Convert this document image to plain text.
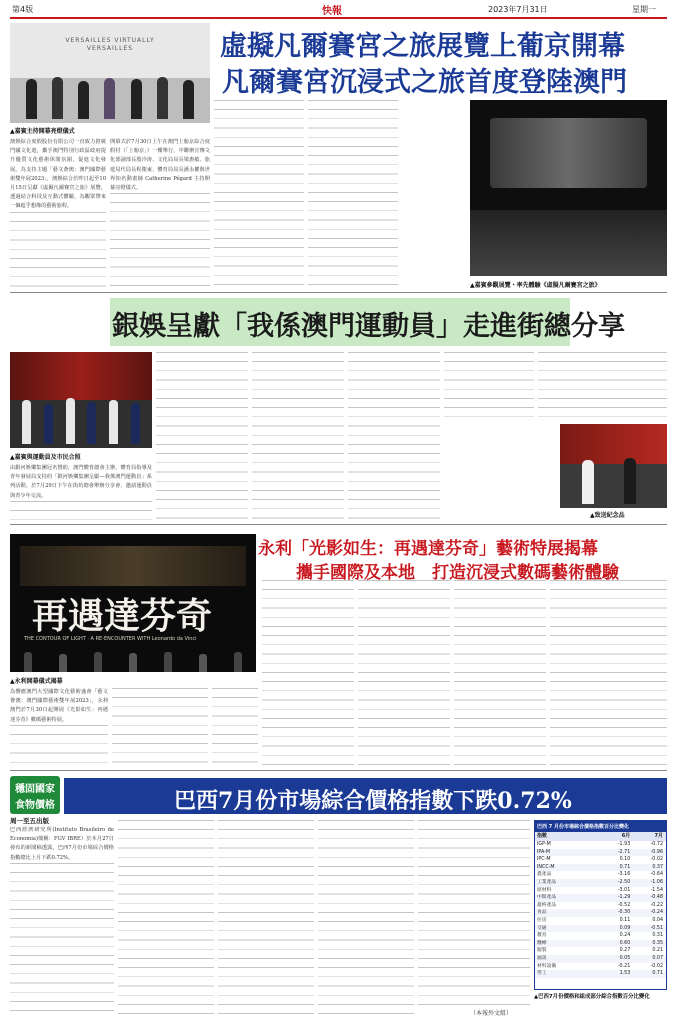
第4版	快報	2023年7月31日	星期一
VERSAILLES VIRTUALLY VERSAILLES
▲嘉賓主持開幕亮燈儀式
虛擬凡爾賽宮之旅展覽上葡京開幕
凡爾賽宮沉浸式之旅首度登陸澳門
澳娛綜合度假股份有限公司一直致力推廣門國文化遊，攜手澳門特別行政區政府提升優質文化藝術休閒氛圍，促進文化發展。為支持主題「藝文薈澳：澳門國際藝術雙年展2023」，澳娛綜合於昨日起至10月15日呈獻《虛擬凡爾賽宮之旅》展覽，透過結合科技及互動式體驗，為觀眾帶來一個超乎想像的藝術旅程。
開幕式於7月30日上午在澳門上葡京綜合度假村（「上葡京」）一樓舉行。中聯辦宣傳文化部副部長殷冷涛、文化局局長梁惠敏、旅遊局代局長程衛東、體育局局長潘永權與世界知名動畫師 Catherine Pégard 主持開幕亮燈儀式。
▲嘉賓參觀展覽・率先體驗《虛擬凡爾賽宮之旅》
銀娛呈獻「我係澳門運動員」走進街總分享
▲嘉賓與運動員及市民合照
由銀河娛樂集團冠名贊助，澳門體育總會主辦，體育局指導及青年發展局支持的「銀河娛樂集團呈獻—我係澳門運動員」系列活動，於7月29日下午在街坊總會舉辦分享會，邀請運動員與青少年交流。
▲致送紀念品
永利「光影如生：再遇達芬奇」藝術特展揭幕
攜手國際及本地　打造沉浸式數碼藝術體驗
再遇達芬奇
THE CONTOUR OF LIGHT · A RE-ENCOUNTER WITH Leonardo da Vinci
▲永利開幕儀式揭幕
為響應澳門大型國際文化藝術盛會「藝文薈澳：澳門國際藝術雙年展2023」，永利澳門於7月30日起開展《光影如生：再遇達芬奇》數碼藝術特展。
巴西7月份市場綜合價格指數下跌0.72%
穩固國家
食物價格
周一至五出版
巴西經濟研究所(Instituto Brasileiro de Economia)簡稱：FGV IBRE）於本月27日發布的新聞稿透露，巴西7月份市場綜合價格指數總比上月下跌0.72%。
（本報外文組）
巴西 7 月份市場綜合價格指數百分比變化
指數	6月	7月
IGP-M	-1.93	-0.72
IPA-M	-2.71	-0.96
IPC-M	0.10	-0.02
INCC-M	0.71	0.37
農產品	-3.16	-0.64
工業產品	-2.50	-1.06
原材料	-3.01	-1.54
中間產品	-1.29	-0.48
最終產品	-0.52	-0.22
食品	-0.30	-0.24
住房	0.11	0.04
交通	0.09	-0.51
教育	0.24	0.31
醫療	0.60	0.35
服裝	0.27	0.21
通訊	0.05	0.07
材料設備	-0.21	-0.02
勞工	1.53	0.71
▲巴西7月份價格和組成部分綜合指數百分比變化
